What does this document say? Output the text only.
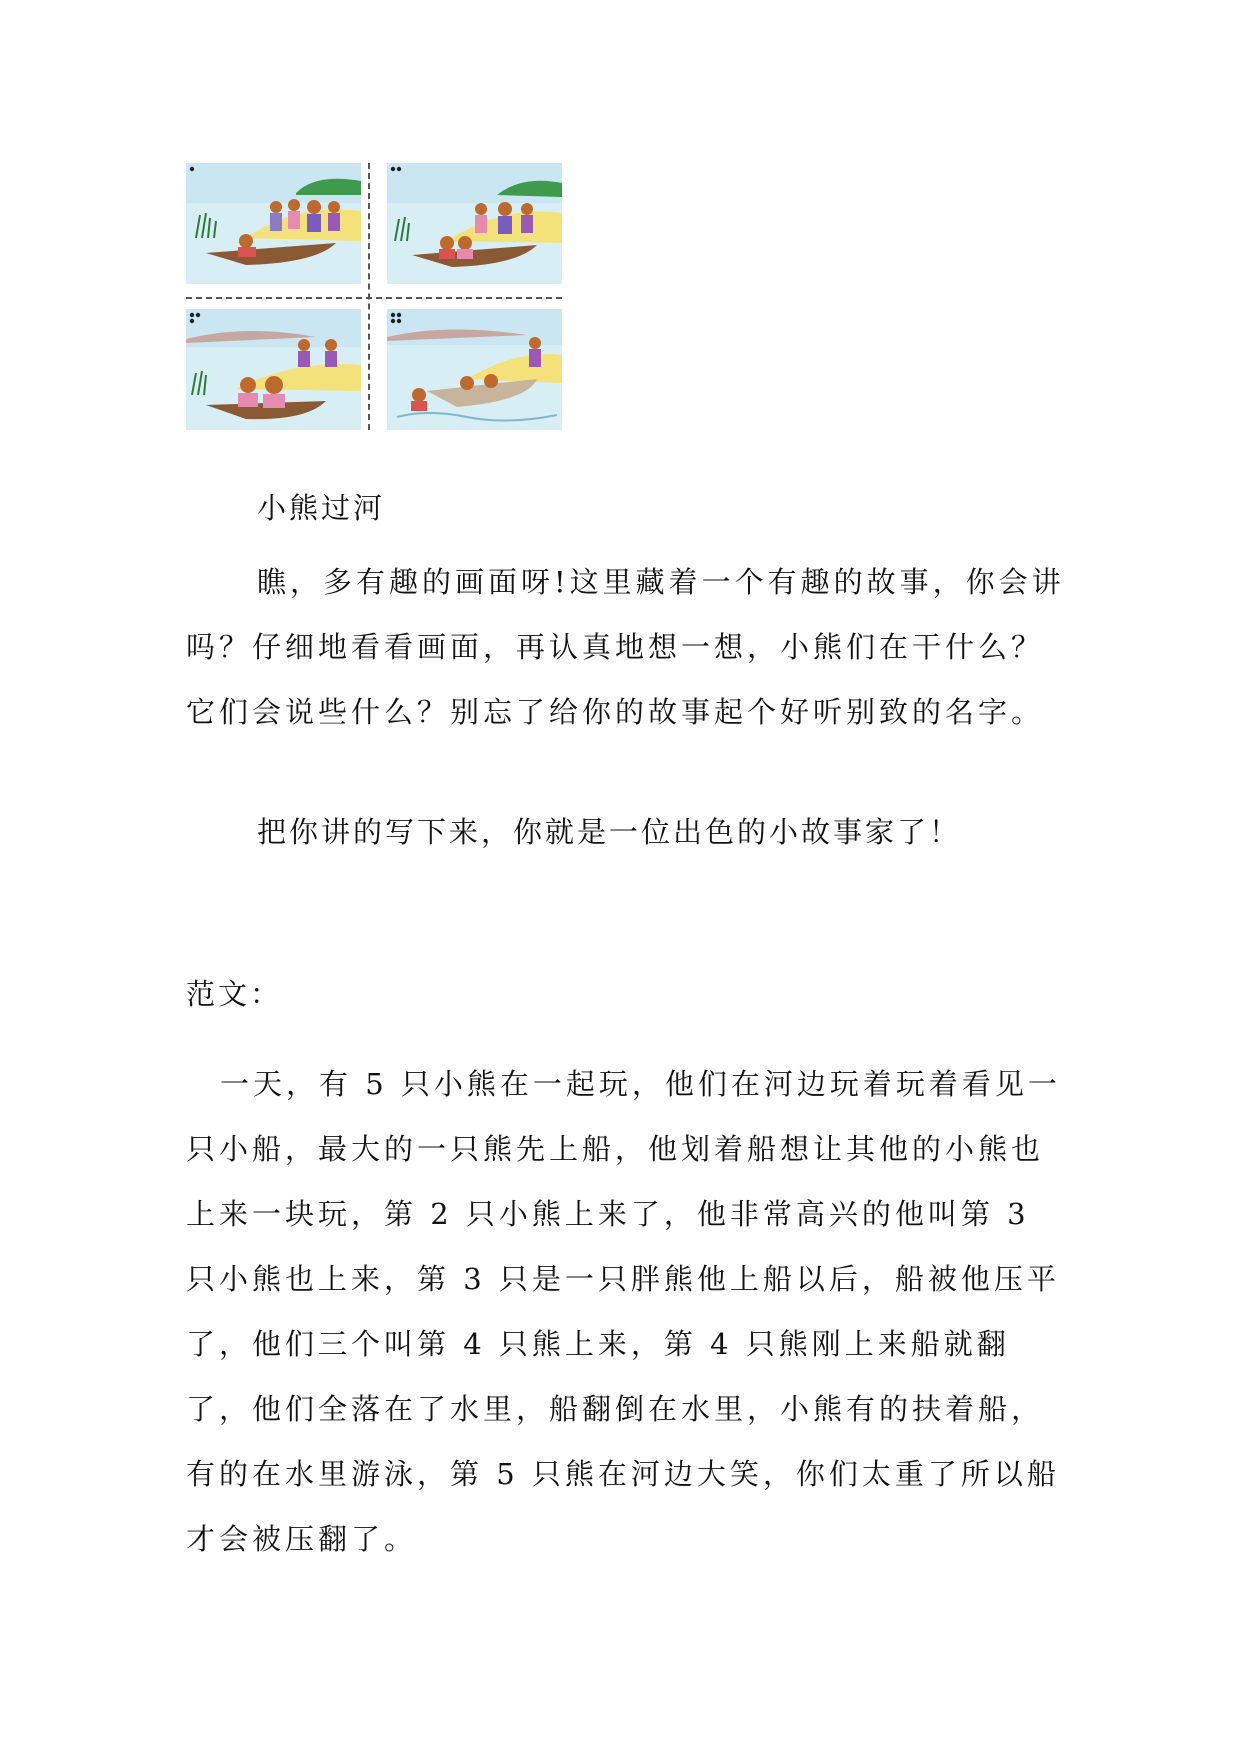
小熊过河
瞧，多有趣的画面呀!这里藏着一个有趣的故事，你会讲吗？仔细地看看画面，再认真地想一想，小熊们在干什么？它们会说些什么？别忘了给你的故事起个好听别致的名字。
把你讲的写下来，你就是一位出色的小故事家了！
范文：
一天，有 5 只小熊在一起玩，他们在河边玩着玩着看见一只小船，最大的一只熊先上船，他划着船想让其他的小熊也上来一块玩，第 2 只小熊上来了，他非常高兴的他叫第 3 只小熊也上来，第 3 只是一只胖熊他上船以后，船被他压平了，他们三个叫第 4 只熊上来，第 4 只熊刚上来船就翻了，他们全落在了水里，船翻倒在水里，小熊有的扶着船，有的在水里游泳，第 5 只熊在河边大笑，你们太重了所以船才会被压翻了。
